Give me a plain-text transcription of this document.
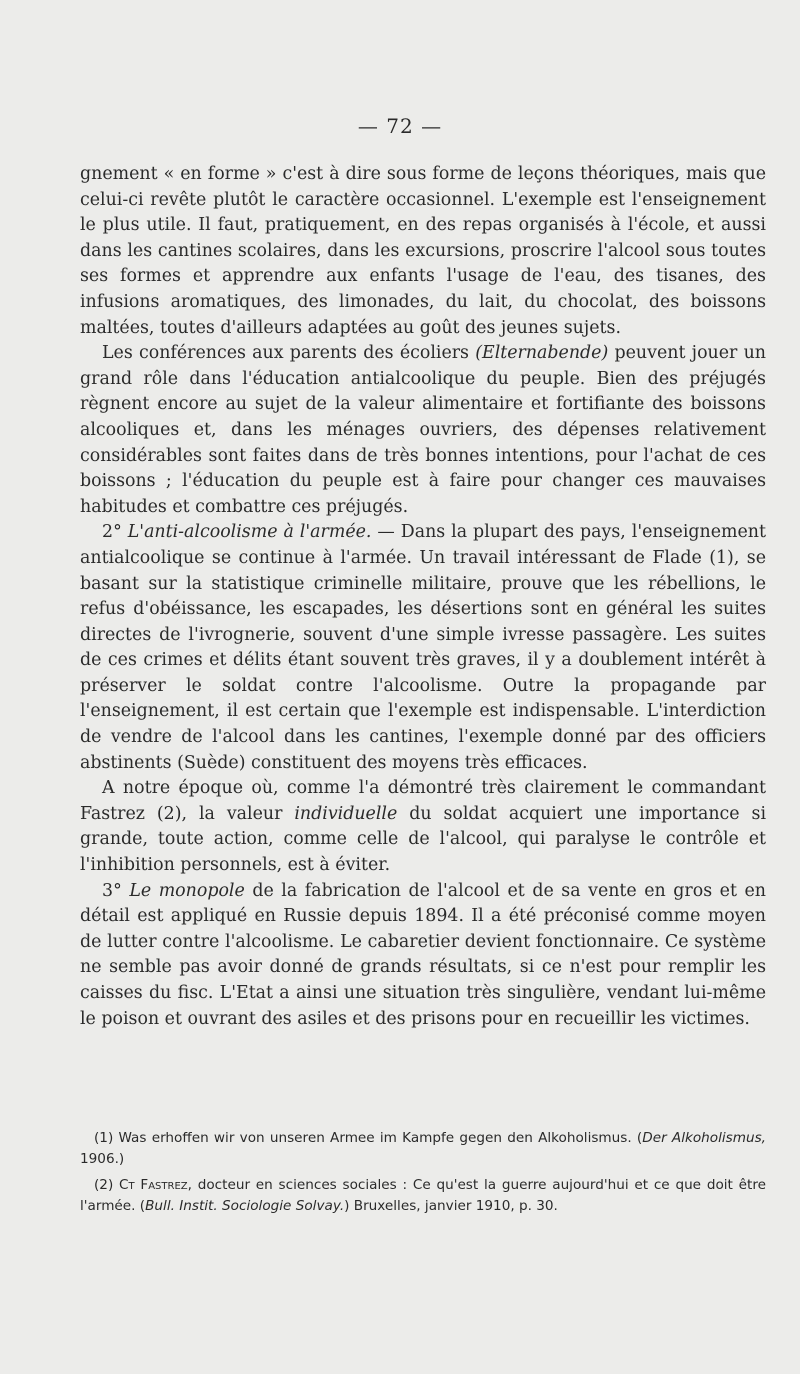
— 72 —

gnement « en forme » c'est à dire sous forme de leçons théoriques, mais que celui-ci revête plutôt le caractère occasionnel. L'exemple est l'enseignement le plus utile. Il faut, pratiquement, en des repas organisés à l'école, et aussi dans les cantines scolaires, dans les excursions, proscrire l'alcool sous toutes ses formes et apprendre aux enfants l'usage de l'eau, des tisanes, des infusions aromatiques, des limonades, du lait, du chocolat, des boissons maltées, toutes d'ailleurs adaptées au goût des jeunes sujets.

Les conférences aux parents des écoliers (Elternabende) peuvent jouer un grand rôle dans l'éducation antialcoolique du peuple. Bien des préjugés règnent encore au sujet de la valeur alimentaire et fortifiante des boissons alcooliques et, dans les ménages ouvriers, des dépenses relativement considérables sont faites dans de très bonnes intentions, pour l'achat de ces boissons ; l'éducation du peuple est à faire pour changer ces mauvaises habitudes et combattre ces préjugés.

2° L'anti-alcoolisme à l'armée. — Dans la plupart des pays, l'enseignement antialcoolique se continue à l'armée. Un travail intéressant de Flade (1), se basant sur la statistique criminelle militaire, prouve que les rébellions, le refus d'obéissance, les escapades, les désertions sont en général les suites directes de l'ivrognerie, souvent d'une simple ivresse passagère. Les suites de ces crimes et délits étant souvent très graves, il y a doublement intérêt à préserver le soldat contre l'alcoolisme. Outre la propagande par l'enseignement, il est certain que l'exemple est indispensable. L'interdiction de vendre de l'alcool dans les cantines, l'exemple donné par des officiers abstinents (Suède) constituent des moyens très efficaces.

A notre époque où, comme l'a démontré très clairement le commandant Fastrez (2), la valeur individuelle du soldat acquiert une importance si grande, toute action, comme celle de l'alcool, qui paralyse le contrôle et l'inhibition personnels, est à éviter.

3° Le monopole de la fabrication de l'alcool et de sa vente en gros et en détail est appliqué en Russie depuis 1894. Il a été préconisé comme moyen de lutter contre l'alcoolisme. Le cabaretier devient fonctionnaire. Ce système ne semble pas avoir donné de grands résultats, si ce n'est pour remplir les caisses du fisc. L'Etat a ainsi une situation très singulière, vendant lui-même le poison et ouvrant des asiles et des prisons pour en recueillir les victimes.

(1) Was erhoffen wir von unseren Armee im Kampfe gegen den Alkoholismus. (Der Alkoholismus, 1906.)

(2) Ct Fastrez, docteur en sciences sociales : Ce qu'est la guerre aujourd'hui et ce que doit être l'armée. (Bull. Instit. Sociologie Solvay.) Bruxelles, janvier 1910, p. 30.
